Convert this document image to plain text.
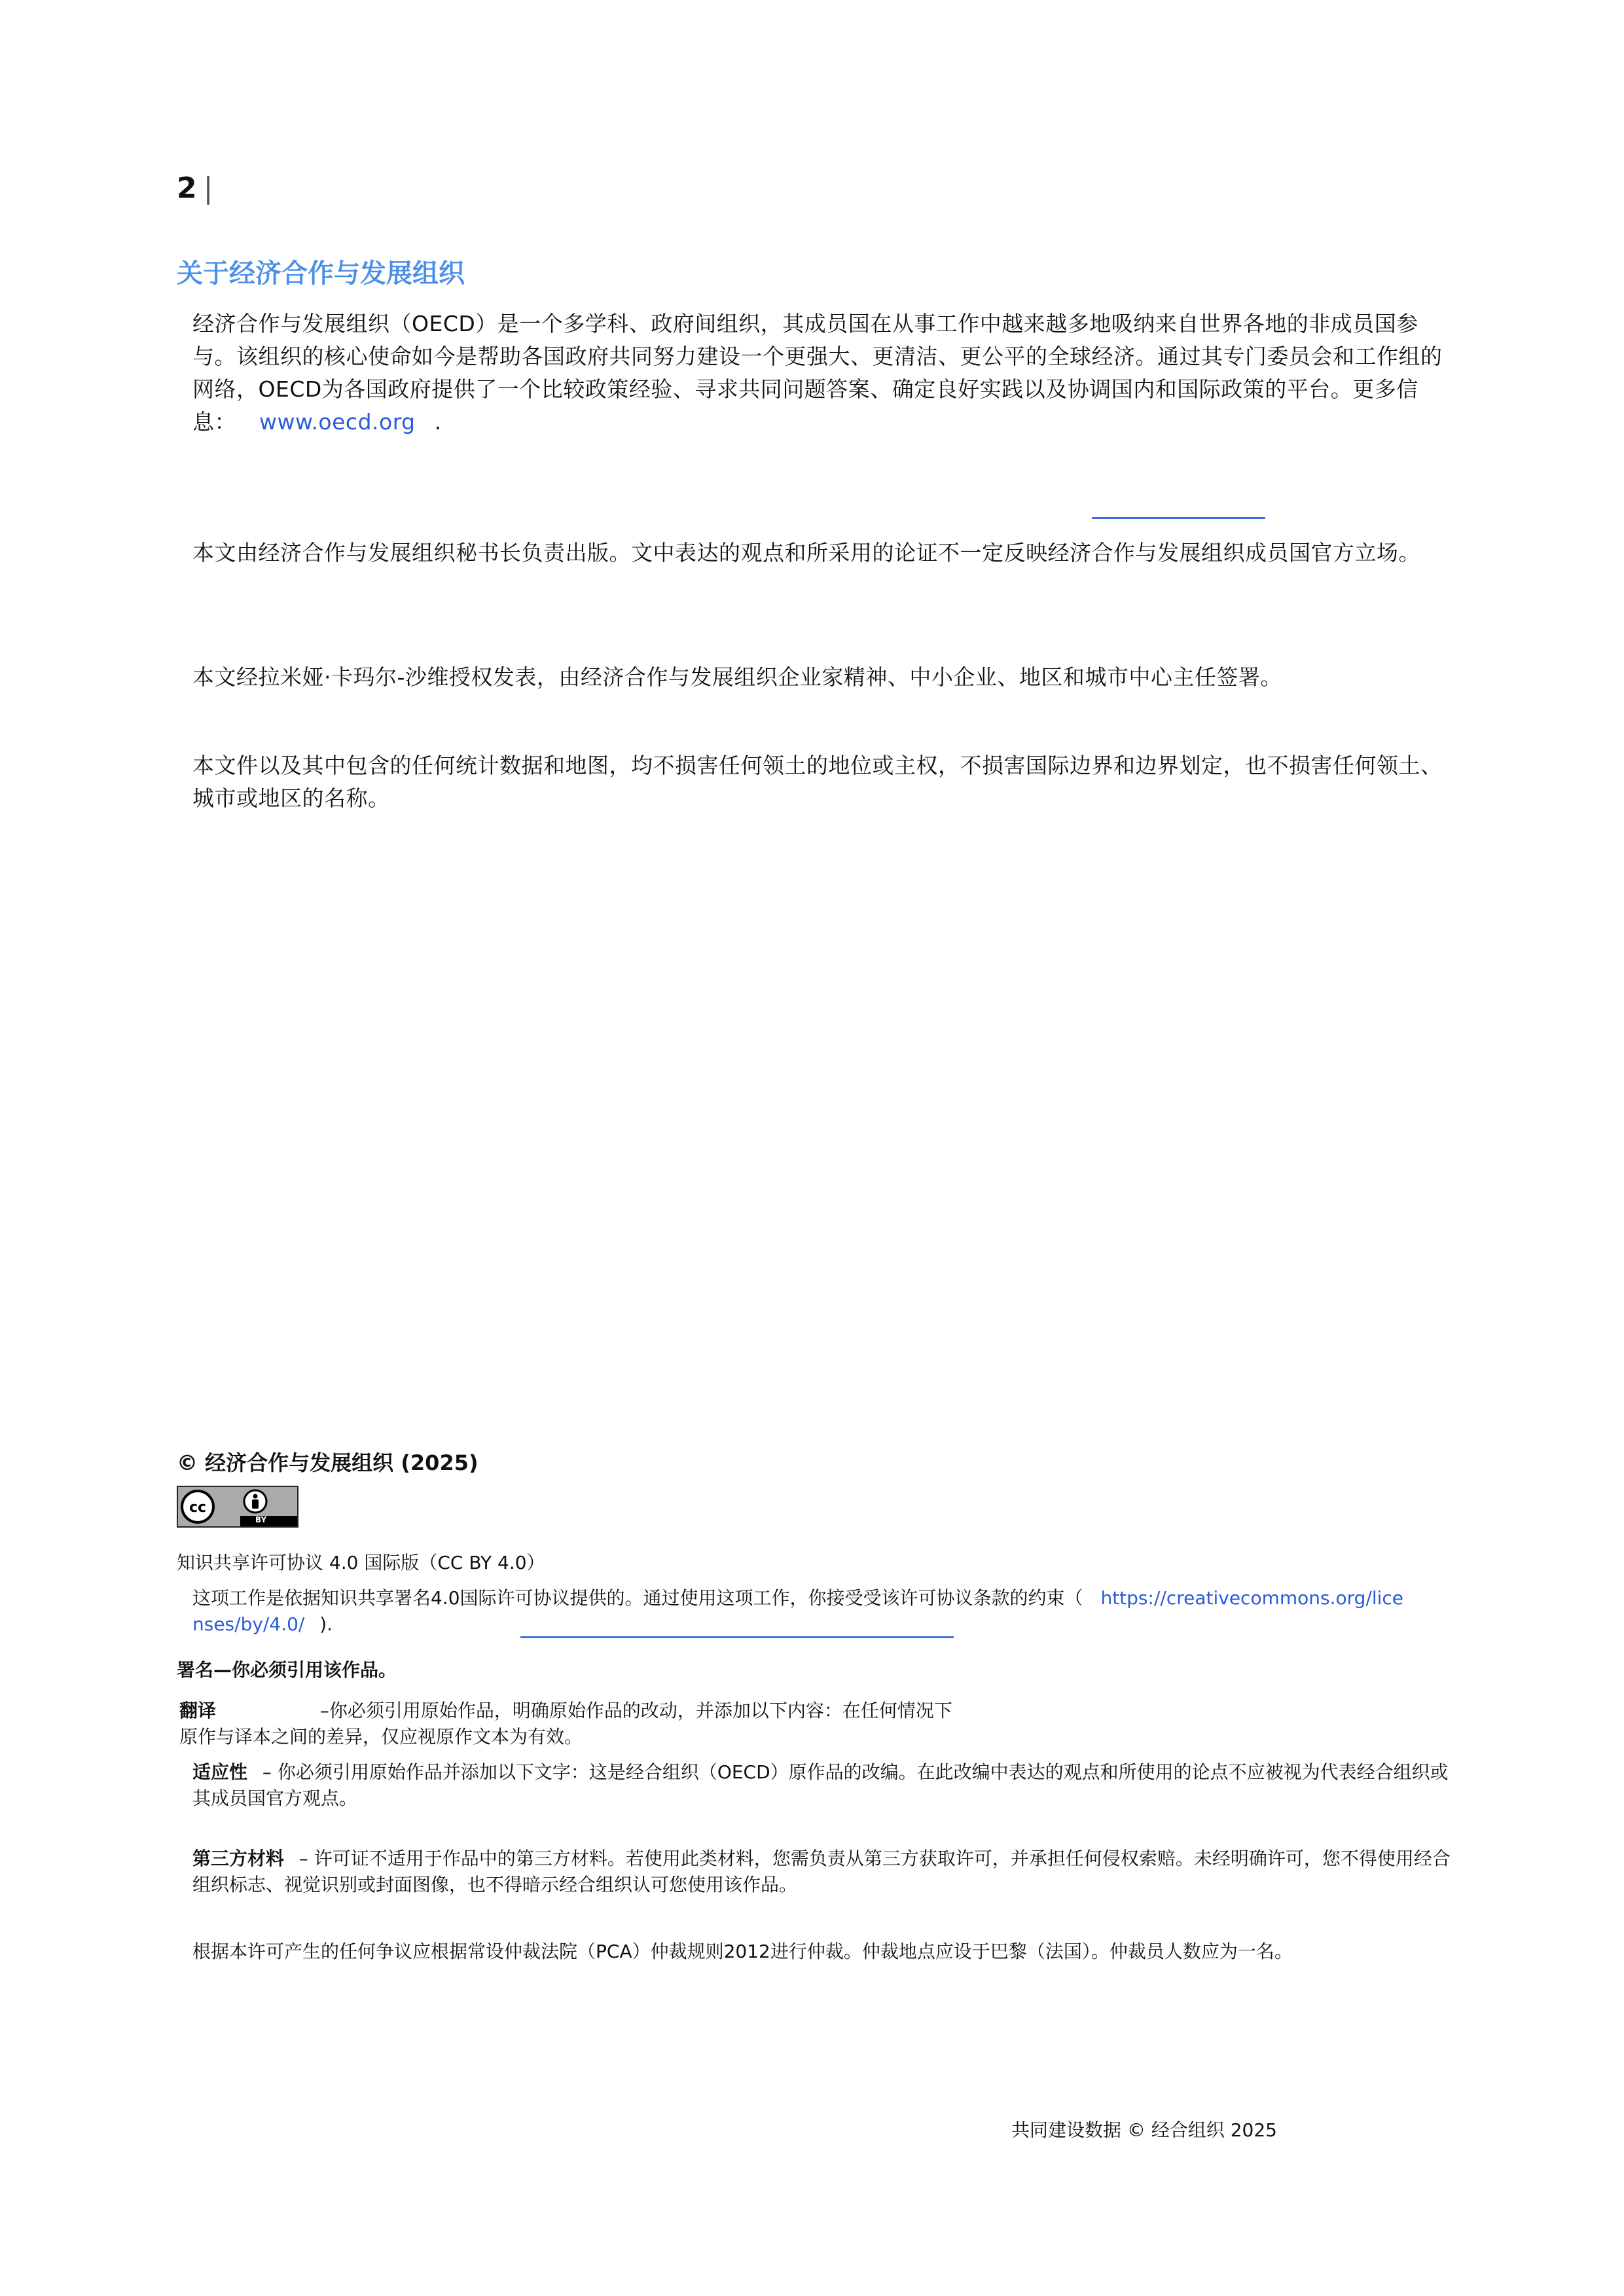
2 |
关于经济合作与发展组织
经济合作与发展组织（OECD）是一个多学科、政府间组织，其成员国在从事工作中越来越多地吸纳来自世界各地的非成员国参与。该组织的核心使命如今是帮助各国政府共同努力建设一个更强大、更清洁、更公平的全球经济。通过其专门委员会和工作组的网络，OECD为各国政府提供了一个比较政策经验、寻求共同问题答案、确定良好实践以及协调国内和国际政策的平台。更多信息： www.oecd.org .
本文由经济合作与发展组织秘书长负责出版。文中表达的观点和所采用的论证不一定反映经济合作与发展组织成员国官方立场。
本文经拉米娅·卡玛尔-沙维授权发表，由经济合作与发展组织企业家精神、中小企业、地区和城市中心主任签署。
本文件以及其中包含的任何统计数据和地图，均不损害任何领土的地位或主权，不损害国际边界和边界划定，也不损害任何领土、城市或地区的名称。
© 经济合作与发展组织 (2025)
cc
BY
知识共享许可协议 4.0 国际版（CC BY 4.0）
这项工作是依据知识共享署名4.0国际许可协议提供的。通过使用这项工作，你接受受该许可协议条款的约束（ https://creativecommons.org/lice
nses/by/4.0/ ).
署名—你必须引用该作品。
翻译	–你必须引用原始作品，明确原始作品的改动，并添加以下内容：在任何情况下
原作与译本之间的差异，仅应视原作文本为有效。
适应性 – 你必须引用原始作品并添加以下文字：这是经合组织（OECD）原作品的改编。在此改编中表达的观点和所使用的论点不应被视为代表经合组织或其成员国官方观点。
第三方材料 – 许可证不适用于作品中的第三方材料。若使用此类材料，您需负责从第三方获取许可，并承担任何侵权索赔。未经明确许可，您不得使用经合组织标志、视觉识别或封面图像，也不得暗示经合组织认可您使用该作品。
根据本许可产生的任何争议应根据常设仲裁法院（PCA）仲裁规则2012进行仲裁。仲裁地点应设于巴黎（法国）。仲裁员人数应为一名。
共同建设数据 © 经合组织 2025
